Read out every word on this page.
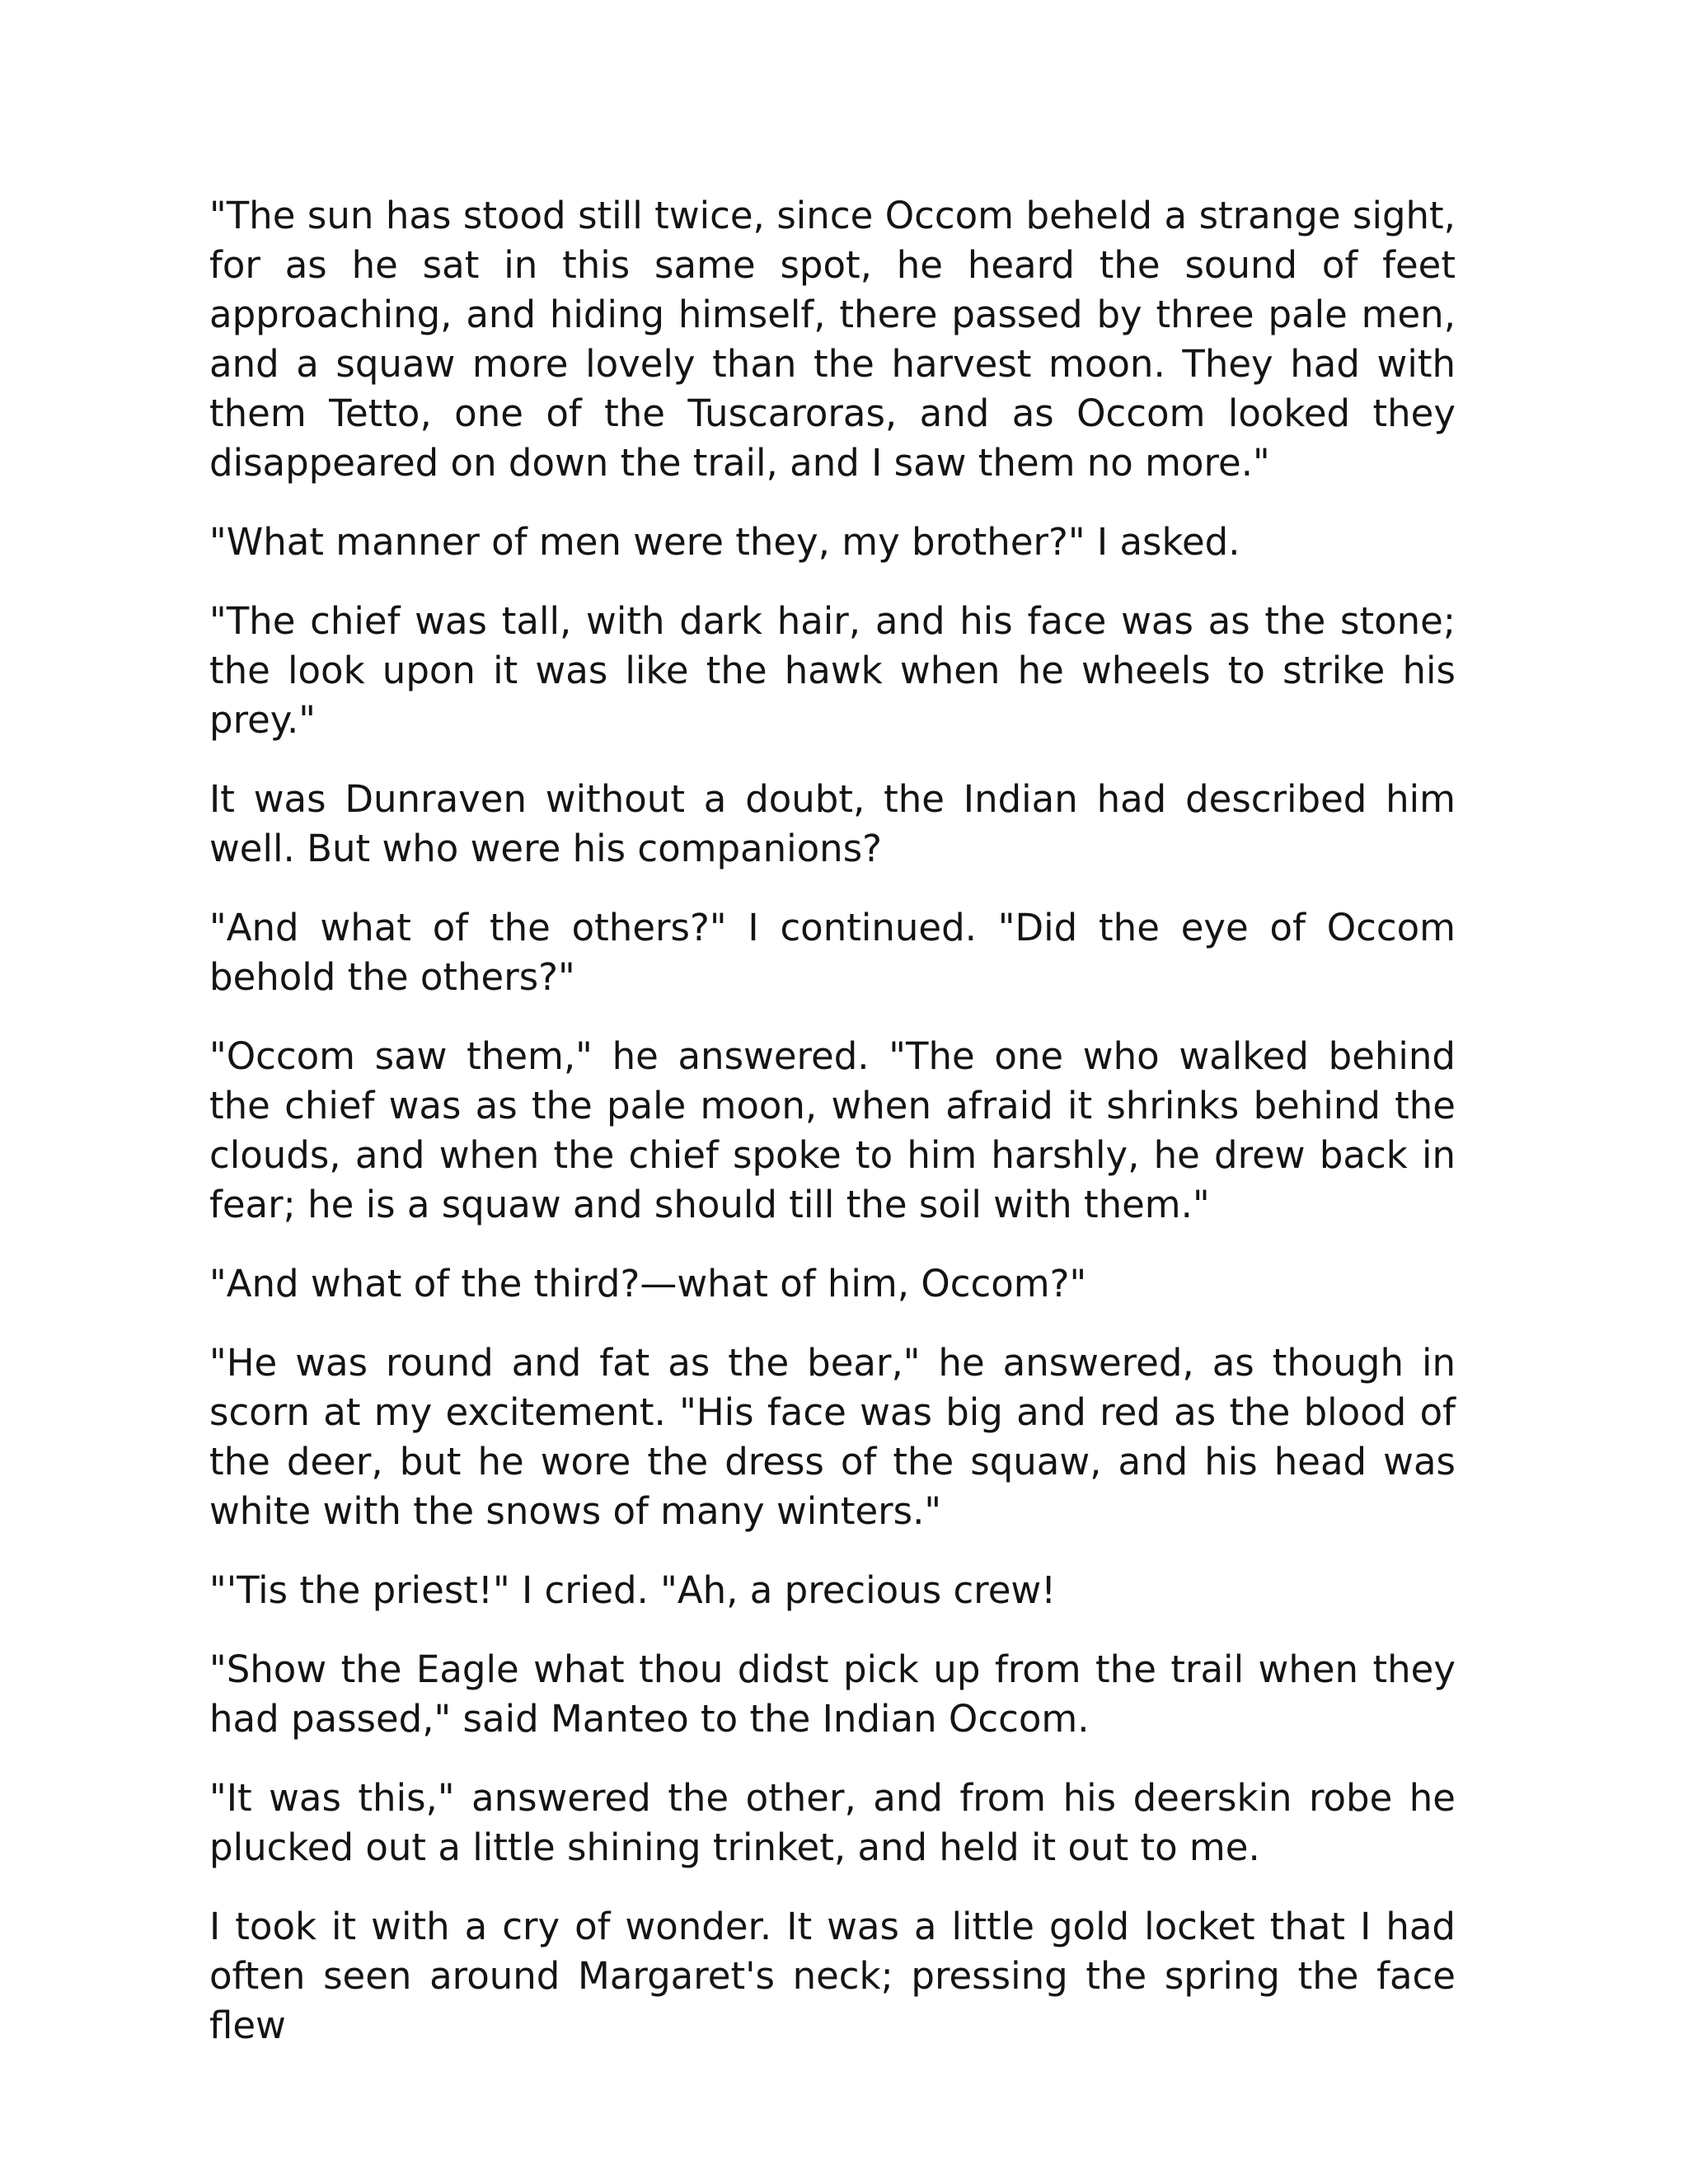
"The sun has stood still twice, since Occom beheld a strange sight, for as he sat in this same spot, he heard the sound of feet approaching, and hiding himself, there passed by three pale men, and a squaw more lovely than the harvest moon. They had with them Tetto, one of the Tuscaroras, and as Occom looked they disappeared on down the trail, and I saw them no more."

"What manner of men were they, my brother?" I asked.

"The chief was tall, with dark hair, and his face was as the stone; the look upon it was like the hawk when he wheels to strike his prey."

It was Dunraven without a doubt, the Indian had described him well. But who were his companions?

"And what of the others?" I continued. "Did the eye of Occom behold the others?"

"Occom saw them," he answered. "The one who walked behind the chief was as the pale moon, when afraid it shrinks behind the clouds, and when the chief spoke to him harshly, he drew back in fear; he is a squaw and should till the soil with them."

"And what of the third?—what of him, Occom?"

"He was round and fat as the bear," he answered, as though in scorn at my excitement. "His face was big and red as the blood of the deer, but he wore the dress of the squaw, and his head was white with the snows of many winters."

"'Tis the priest!" I cried. "Ah, a precious crew!

"Show the Eagle what thou didst pick up from the trail when they had passed," said Manteo to the Indian Occom.

"It was this," answered the other, and from his deerskin robe he plucked out a little shining trinket, and held it out to me.

I took it with a cry of wonder. It was a little gold locket that I had often seen around Margaret's neck; pressing the spring the face flew
